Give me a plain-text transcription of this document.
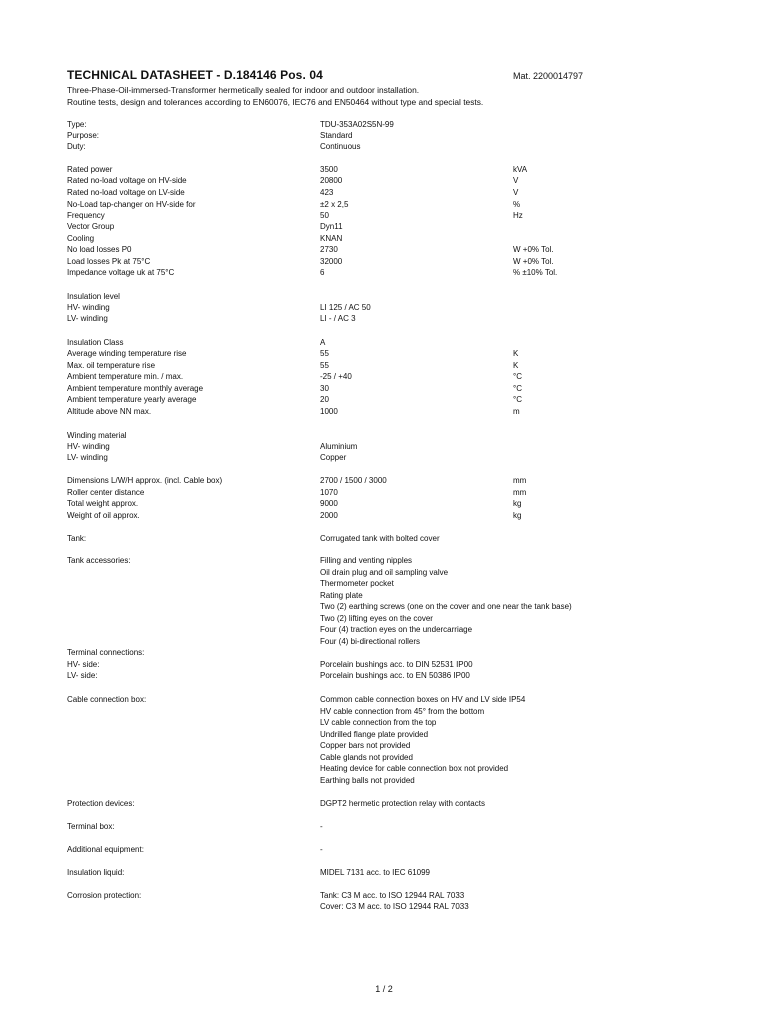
TECHNICAL DATASHEET - D.184146 Pos. 04	Mat. 2200014797
Three-Phase-Oil-immersed-Transformer hermetically sealed for indoor and outdoor installation.
Routine tests, design and tolerances according to EN60076, IEC76 and EN50464 without type and special tests.
Type:	TDU-353A02S5N-99
Purpose:	Standard
Duty:	Continuous
Rated power	3500	kVA
Rated no-load voltage on HV-side	20800	V
Rated no-load voltage on LV-side	423	V
No-Load tap-changer on HV-side for	±2 x 2,5	%
Frequency	50	Hz
Vector Group	Dyn11
Cooling	KNAN
No load losses P0	2730	W +0% Tol.
Load losses Pk at 75°C	32000	W +0% Tol.
Impedance voltage uk at 75°C	6	% ±10% Tol.
Insulation level
HV- winding	LI 125 / AC 50
LV- winding	LI - / AC 3
Insulation Class	A
Average winding temperature rise	55	K
Max. oil temperature rise	55	K
Ambient temperature min. / max.	-25 / +40	°C
Ambient temperature monthly average	30	°C
Ambient temperature yearly average	20	°C
Altitude above NN max.	1000	m
Winding material
HV- winding	Aluminium
LV- winding	Copper
Dimensions L/W/H approx. (incl. Cable box)	2700 / 1500 / 3000	mm
Roller center distance	1070	mm
Total weight approx.	9000	kg
Weight of oil approx.	2000	kg
Tank:	Corrugated tank with bolted cover
Tank accessories:	Filling and venting nipples
Oil drain plug and oil sampling valve
Thermometer pocket
Rating plate
Two (2) earthing screws (one on the cover and one near the tank base)
Two (2) lifting eyes on the cover
Four (4) traction eyes on the undercarriage
Four (4) bi-directional rollers
Terminal connections:
HV- side:	Porcelain bushings acc. to DIN 52531 IP00
LV- side:	Porcelain bushings acc. to EN 50386 IP00
Cable connection box:	Common cable connection boxes on HV and LV side IP54
HV cable connection from 45° from the bottom
LV cable connection from the top
Undrilled flange plate provided
Copper bars not provided
Cable glands not provided
Heating device for cable connection box not provided
Earthing balls not provided
Protection devices:	DGPT2 hermetic protection relay with contacts
Terminal box:	-
Additional equipment:	-
Insulation liquid:	MIDEL 7131 acc. to IEC 61099
Corrosion protection:	Tank: C3 M acc. to ISO 12944 RAL 7033
Cover: C3 M acc. to ISO 12944 RAL 7033
1 / 2
